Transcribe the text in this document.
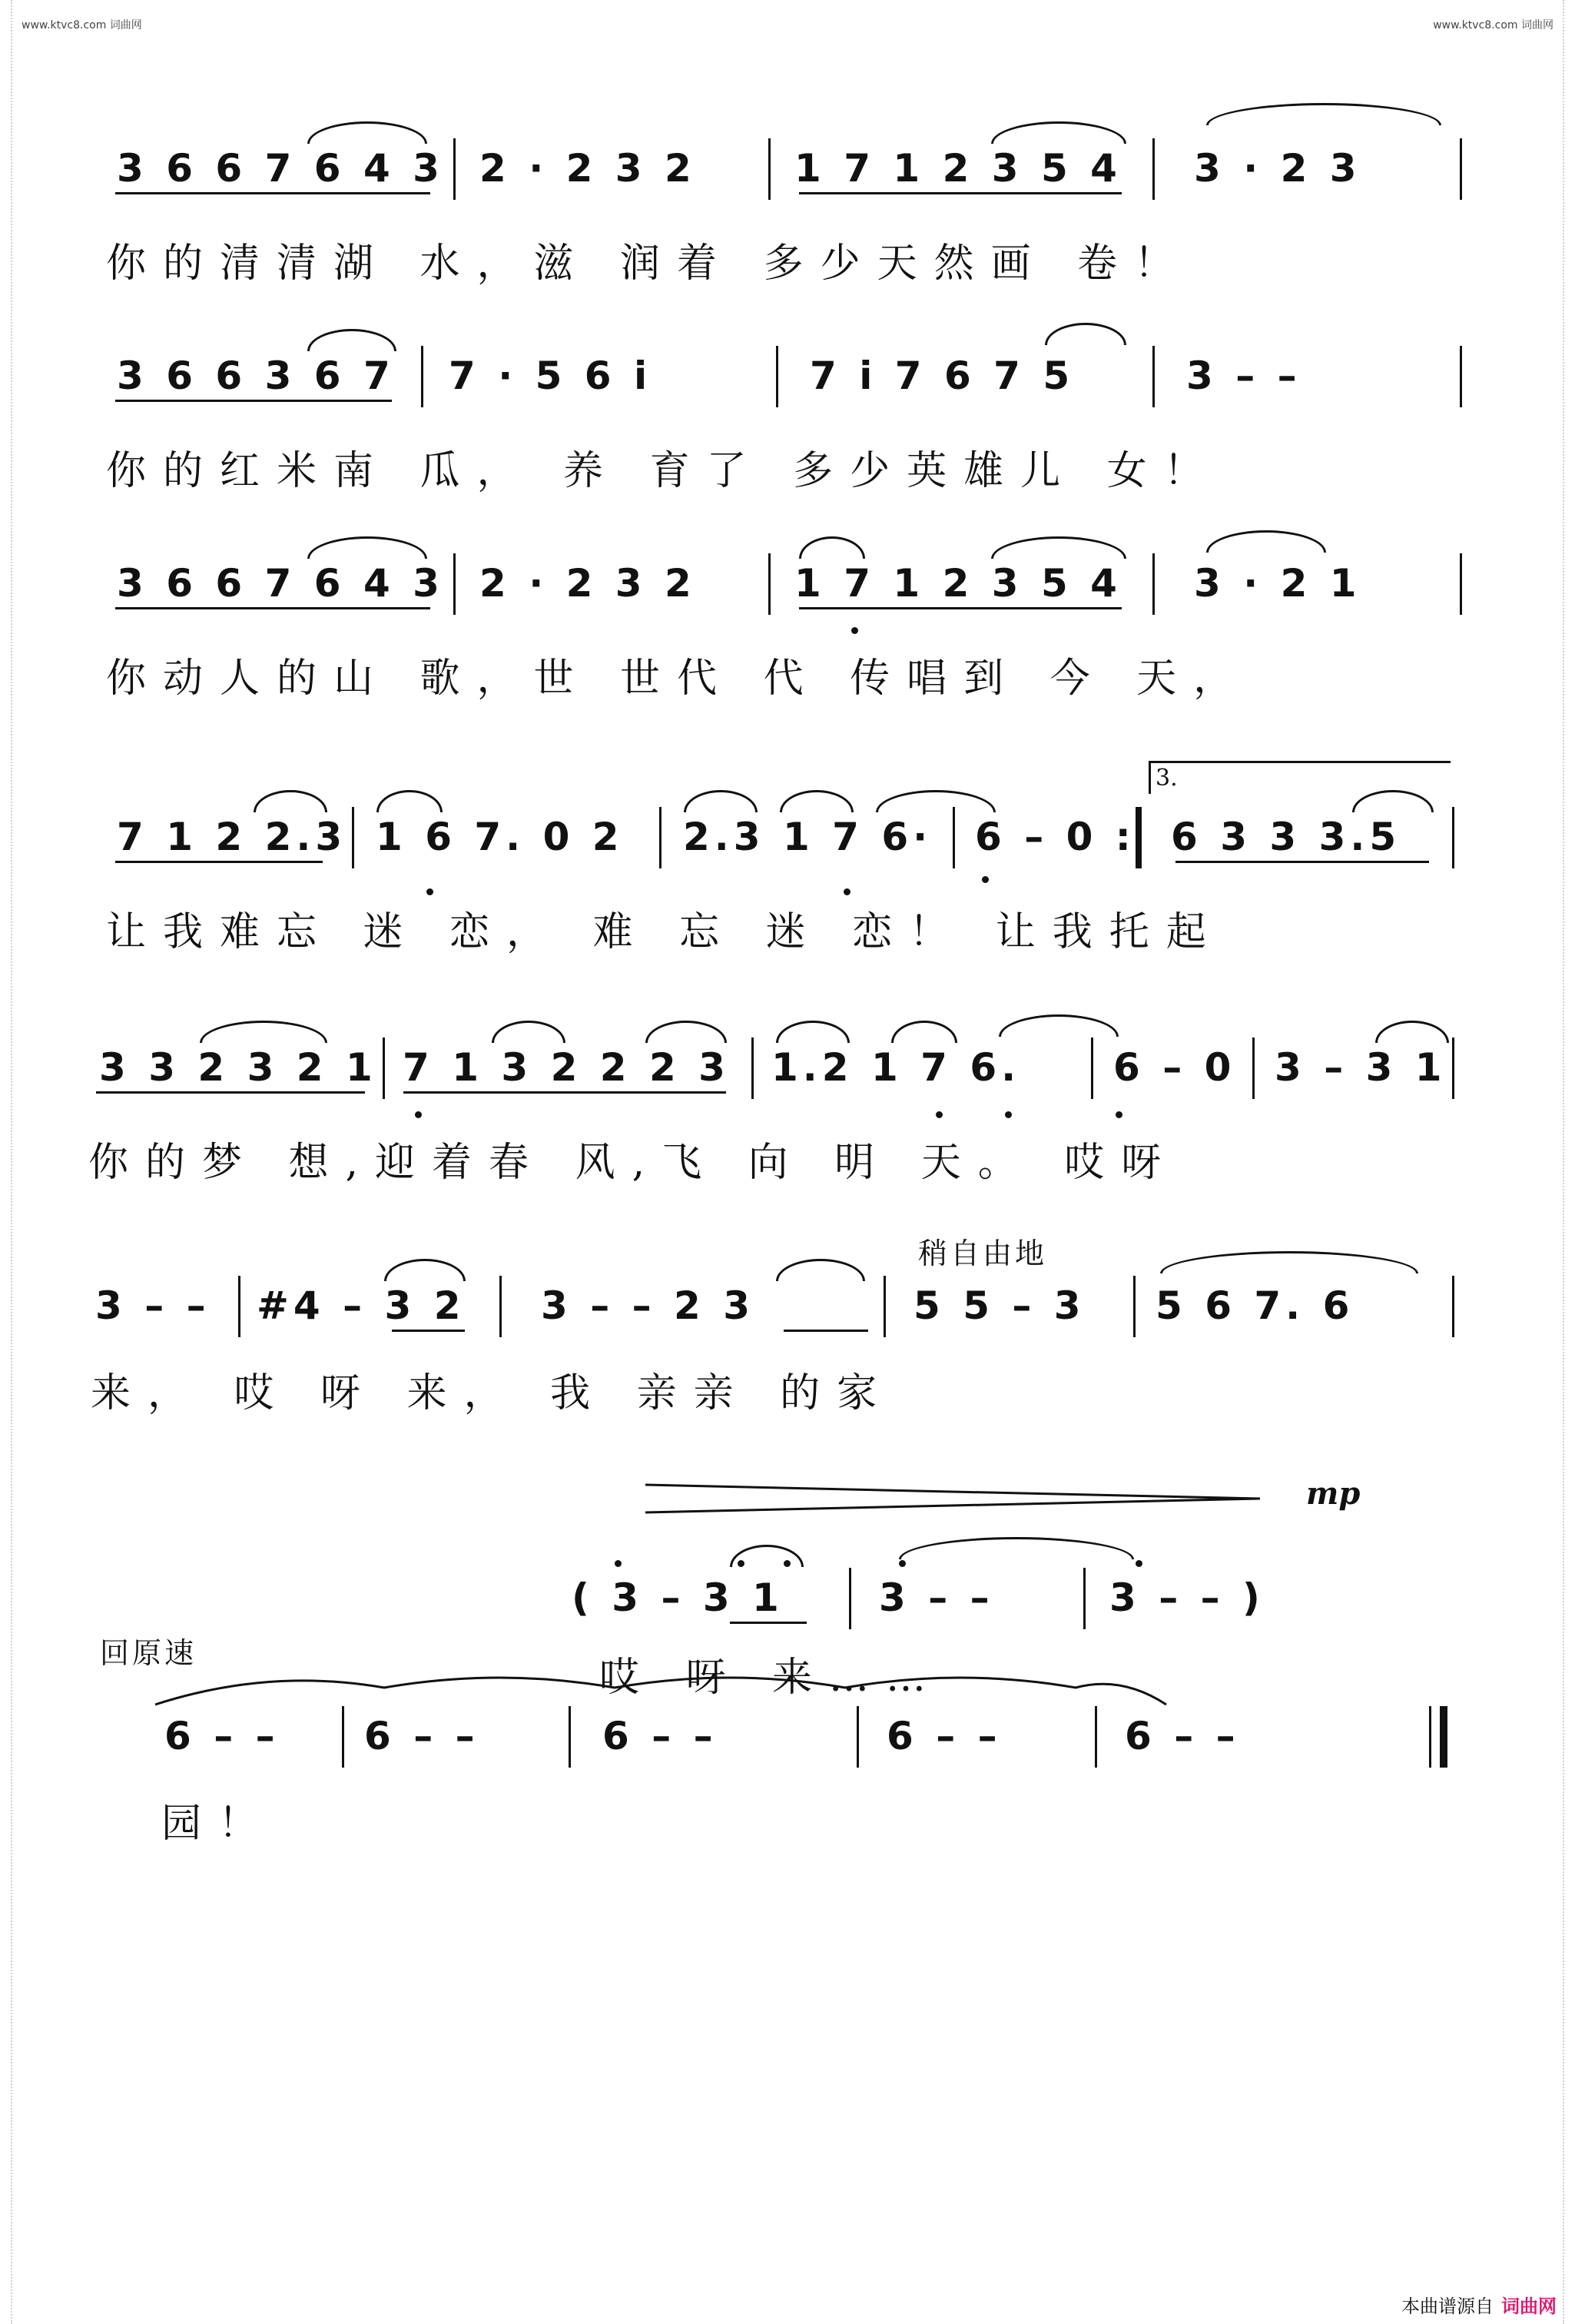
www.ktvc8.com 词曲网	www.ktvc8.com 词曲网
3 6 6 7 6 4 3 2 · 2 3 2	1 7 1 2 3 5 4 3 · 2 3
你的清清湖 水，滋 润着 多少天然画 卷！
3 6 6 3 6 7 7 · 5 6 i	7 i 7 6 7 5	3 – –
你的红米南 瓜， 养 育了 多少英雄儿 女！
3 6 6 7 6 4 3 2 · 2 3 2	1 7 1 2 3 5 4 3 · 2 1
你动人的山 歌，世 世代 代 传唱到 今 天，
3.
7 1 2 2.3 1 6 7. 0 2 2.3 1 7 6· 6 – 0 : 6 3 3 3.5
让我难忘 迷 恋， 难 忘 迷 恋！ 让我托起
3 3 2 3 2 1 7 1 3 2 2 2 3 1.2 1 7 6. 6 – 0 3 – 3 1
你的梦 想,迎着春 风,飞 向 明 天。 哎呀
稍自由地
3 – – #4 – 3 2 3 – – 2 3	5 5 – 3 5 6 7. 6
来， 哎 呀 来， 我 亲亲 的家
mp
( 3 – 3 1 3 – –	3 – – )
哎 呀 来……
回原速
6 – – 6 – –	6 – –	6 – –	6 – –
园！
本曲谱源自 词曲网
